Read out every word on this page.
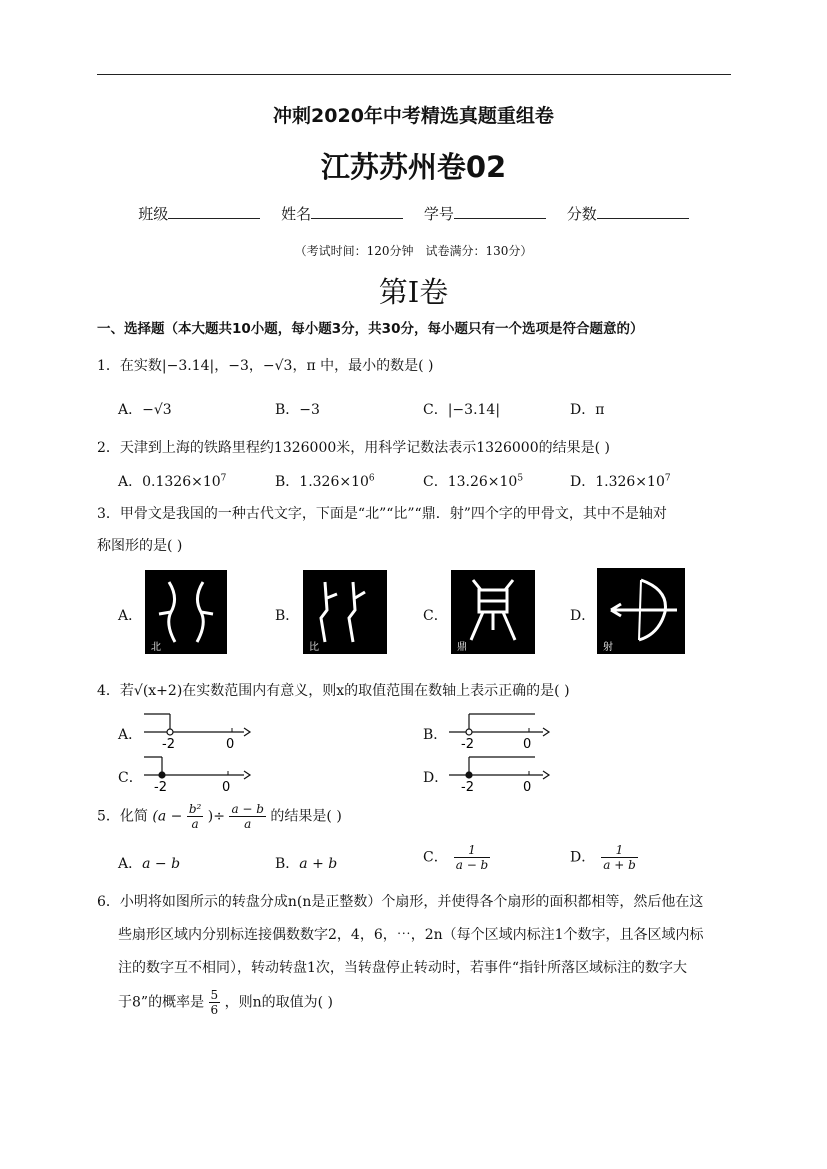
冲刺2020年中考精选真题重组卷
江苏苏州卷02
班级	姓名	学号	分数
（考试时间：120分钟　试卷满分：130分）
第Ⅰ卷
一、选择题（本大题共10小题，每小题3分，共30分，每小题只有一个选项是符合题意的）
1．在实数|−3.14|，−3，−√3，π 中，最小的数是( )
A．−√3	B．−3	C．|−3.14|	D．π
2．天津到上海的铁路里程约1326000米，用科学记数法表示1326000的结果是( )
A．$0.1326\times 10^7$	B．$1.326\times 10^6$	C．$13.26\times 10^5$	D．$1.326\times 10^7$
3．甲骨文是我国的一种古代文字，下面是“北”“比”“鼎．射”四个字的甲骨文，其中不是轴对
称图形的是( )
A．
北
B．
比
C．
鼎
D．
射
4．若√(x+2)在实数范围内有意义，则x的取值范围在数轴上表示正确的是( )
A．
-2	0
B．
-2	0
C．
-2	0
D．
-2	0
5．化简 ($a - \frac{\text{b²}}{a}$ )÷ $\frac{a - b}{a}$ 的结果是( )
A．a − b	B．a + b	C． $\frac{1}{a - b}$	D． $\frac{1}{a + b}$
6．小明将如图所示的转盘分成n(n是正整数）个扇形，并使得各个扇形的面积都相等，然后他在这
些扇形区域内分别标连接偶数数字2，4，6，⋯，2n（每个区域内标注1个数字，且各区域内标
注的数字互不相同），转动转盘1次，当转盘停止转动时，若事件“指针所落区域标注的数字大
于8”的概率是 $\frac{5}{6}$ ，则n的取值为( )
